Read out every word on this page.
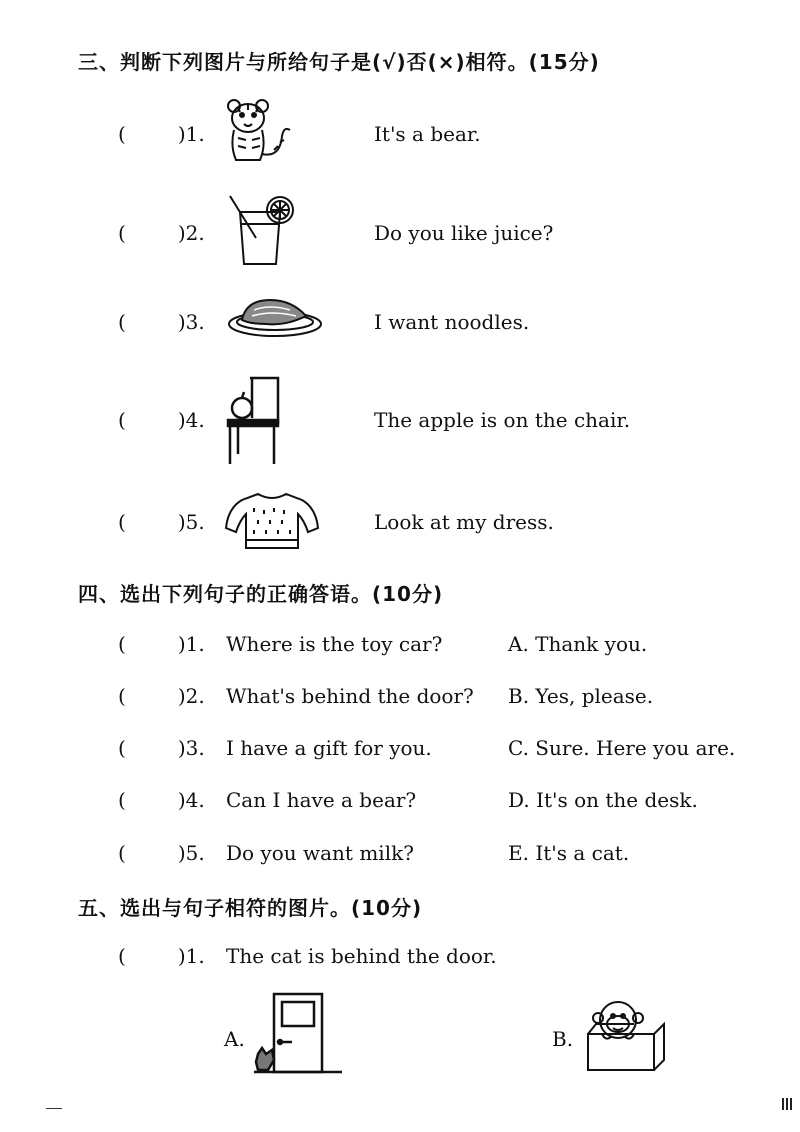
三、判断下列图片与所给句子是(√)否(×)相符。(15分)
(	)1.	It's a bear.
(	)2.	Do you like juice?
(	)3.	I want noodles.
(	)4.	The apple is on the chair.
(	)5.	Look at my dress.
四、选出下列句子的正确答语。(10分)
(	)1. Where is the toy car?	A. Thank you.
(	)2. What's behind the door? B. Yes, please.
(	)3. I have a gift for you.	C. Sure. Here you are.
(	)4. Can I have a bear?	D. It's on the desk.
(	)5. Do you want milk?	E. It's a cat.
五、选出与句子相符的图片。(10分)
(	)1. The cat is behind the door.
A.	B.
